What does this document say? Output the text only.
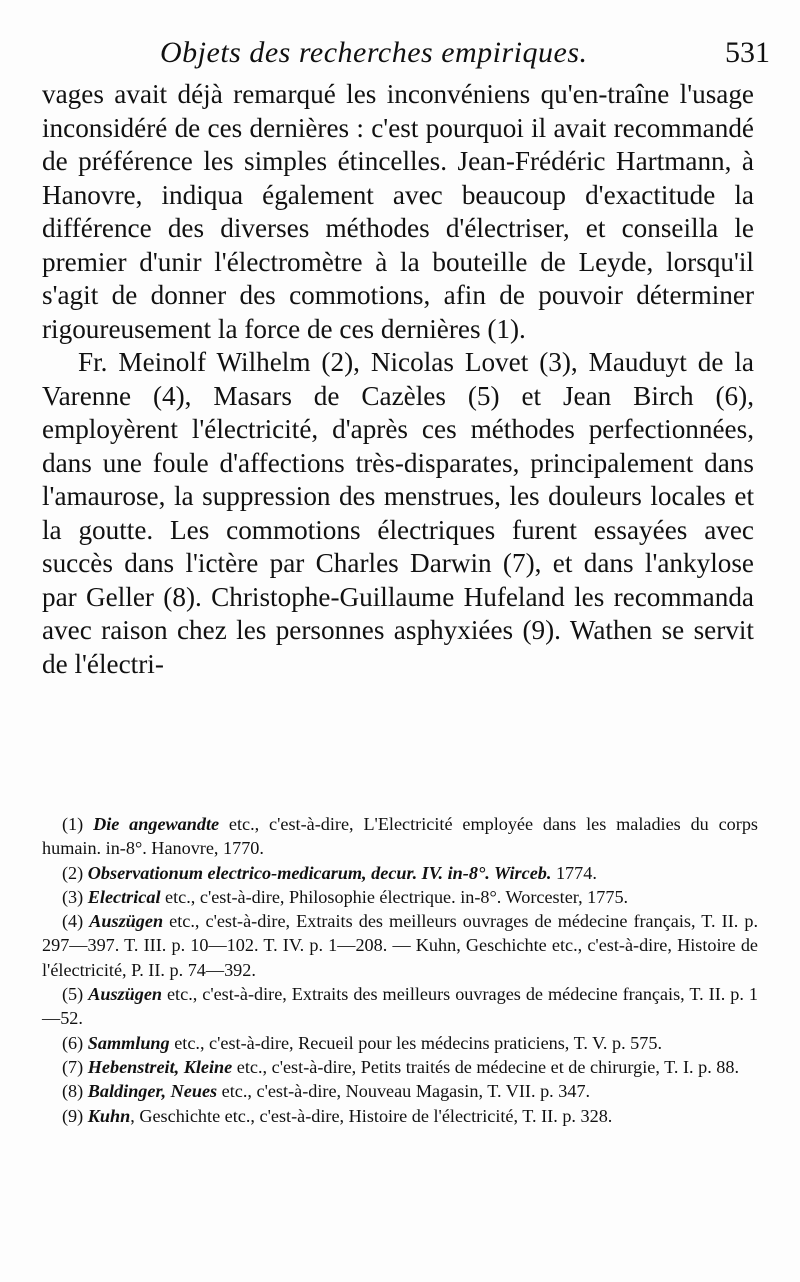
Objets des recherches empiriques.	531

vages avait déjà remarqué les inconvéniens qu'en-traîne l'usage inconsidéré de ces dernières : c'est pourquoi il avait recommandé de préférence les simples étincelles. Jean-Frédéric Hartmann, à Hanovre, indiqua également avec beaucoup d'exactitude la différence des diverses méthodes d'électriser, et conseilla le premier d'unir l'électromètre à la bouteille de Leyde, lorsqu'il s'agit de donner des commotions, afin de pouvoir déterminer rigoureusement la force de ces dernières (1).

Fr. Meinolf Wilhelm (2), Nicolas Lovet (3), Mauduyt de la Varenne (4), Masars de Cazèles (5) et Jean Birch (6), employèrent l'électricité, d'après ces méthodes perfectionnées, dans une foule d'affections très-disparates, principalement dans l'amaurose, la suppression des menstrues, les douleurs locales et la goutte. Les commotions électriques furent essayées avec succès dans l'ictère par Charles Darwin (7), et dans l'ankylose par Geller (8). Christophe-Guillaume Hufeland les recommanda avec raison chez les personnes asphyxiées (9). Wathen se servit de l'électri-

(1) Die angewandte etc., c'est-à-dire, L'Electricité employée dans les maladies du corps humain. in-8°. Hanovre, 1770.

(2) Observationum electrico-medicarum, decur. IV. in-8°. Wirceb. 1774.

(3) Electrical etc., c'est-à-dire, Philosophie électrique. in-8°. Worcester, 1775.

(4) Auszügen etc., c'est-à-dire, Extraits des meilleurs ouvrages de médecine français, T. II. p. 297—397. T. III. p. 10—102. T. IV. p. 1—208. — Kuhn, Geschichte etc., c'est-à-dire, Histoire de l'électricité, P. II. p. 74—392.

(5) Auszügen etc., c'est-à-dire, Extraits des meilleurs ouvrages de médecine français, T. II. p. 1—52.

(6) Sammlung etc., c'est-à-dire, Recueil pour les médecins praticiens, T. V. p. 575.

(7) Hebenstreit, Kleine etc., c'est-à-dire, Petits traités de médecine et de chirurgie, T. I. p. 88.

(8) Baldinger, Neues etc., c'est-à-dire, Nouveau Magasin, T. VII. p. 347.

(9) Kuhn, Geschichte etc., c'est-à-dire, Histoire de l'électricité, T. II. p. 328.
